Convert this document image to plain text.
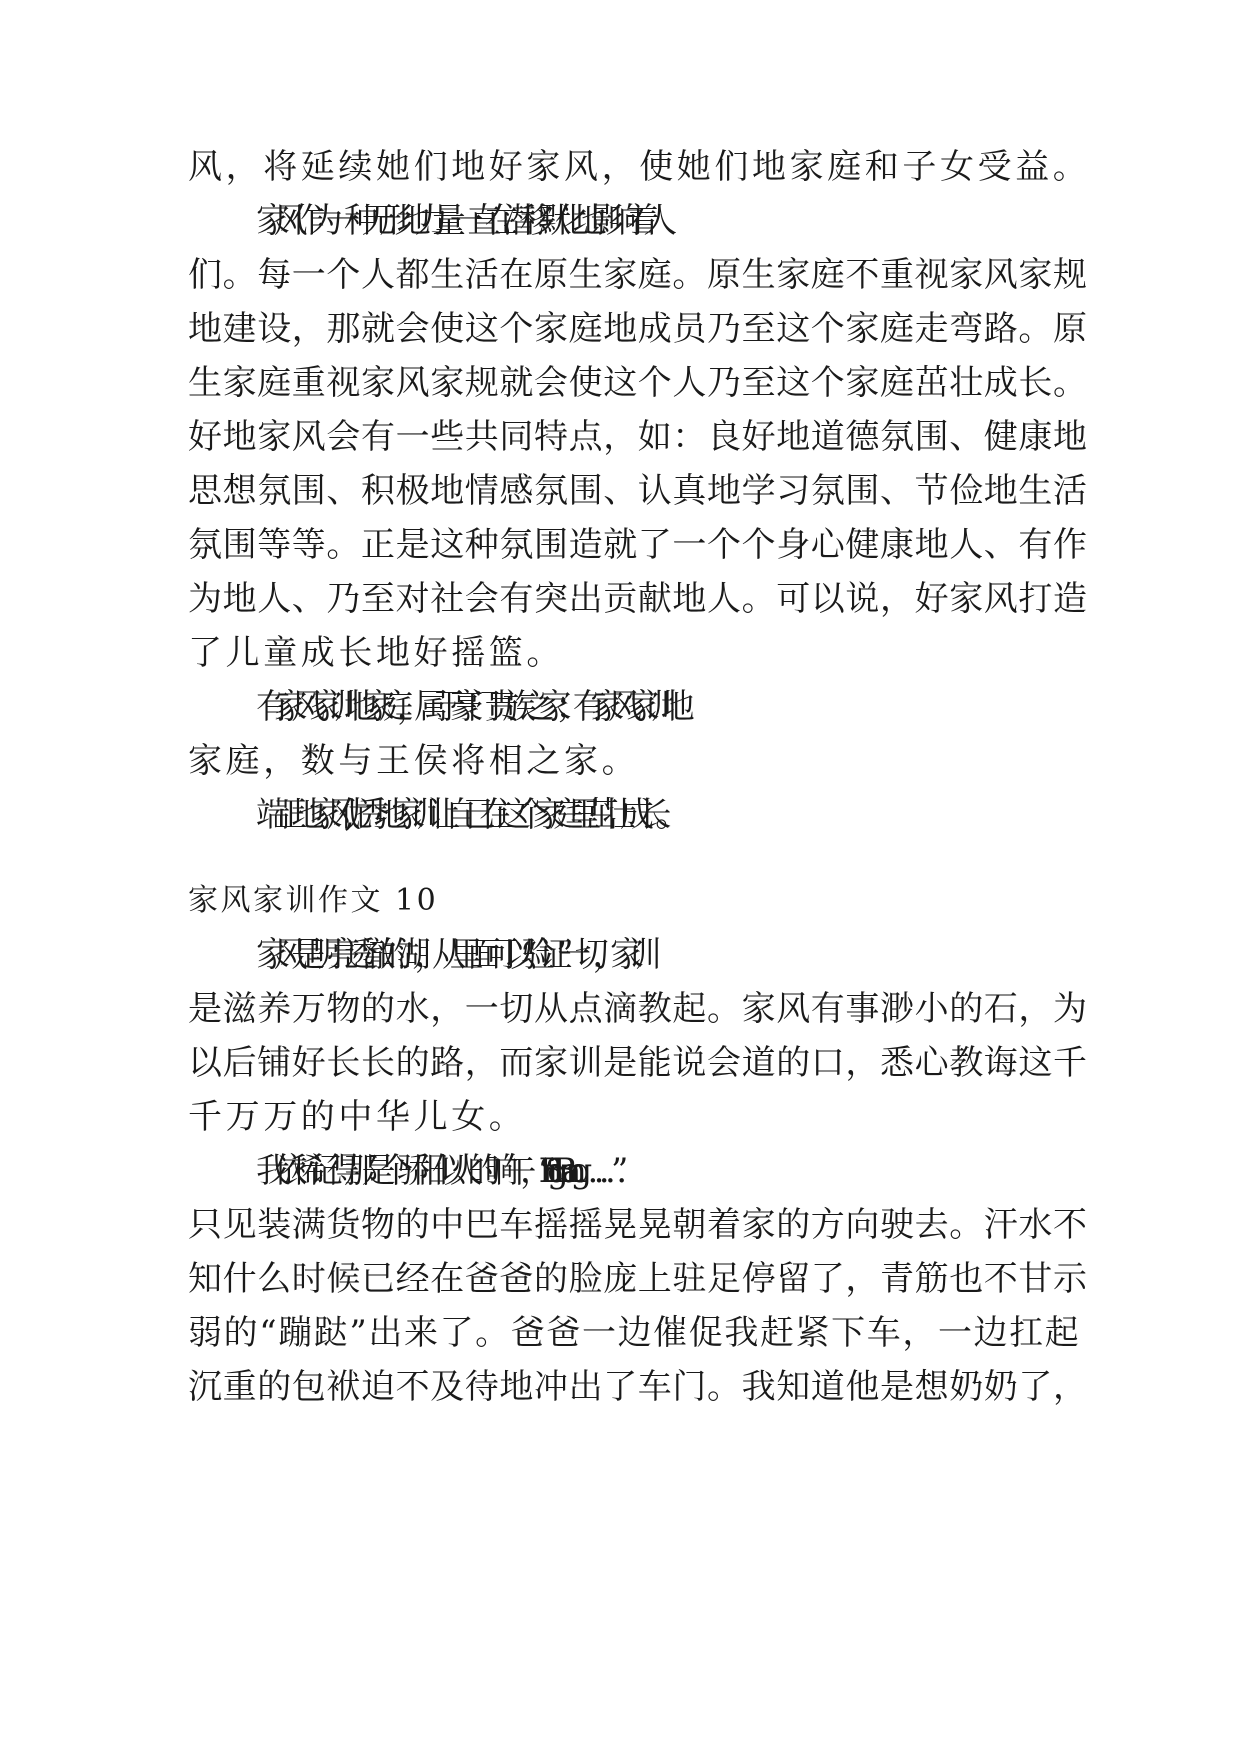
风，将延续她们地好家风，使她们地家庭和子女受益。
家风作为一种无形地力量一直在潜移默化地影响着人
们。每一个人都生活在原生家庭。原生家庭不重视家风家规
地建设，那就会使这个家庭地成员乃至这个家庭走弯路。原
生家庭重视家风家规就会使这个人乃至这个家庭茁壮成长。
好地家风会有一些共同特点，如：良好地道德氛围、健康地
思想氛围、积极地情感氛围、认真地学习氛围、节俭地生活
氛围等等。正是这种氛围造就了一个个身心健康地人、有作
为地人、乃至对社会有突出贡献地人。可以说，好家风打造
了儿童成长地好摇篮。
有家风家训地家庭，属于豪门贵族之家；有家风家训地
家庭，数与王侯将相之家。
端正地家风,优秀地家训让自己在这个家庭里茁壮成长。
家风家训作文 10
家风是明亮透澈的湖，从里面可以“验证”一切，家训
是滋养万物的水，一切从点滴教起。家风有事渺小的石，为
以后铺好长长的路，而家训是能说会道的口，悉心教诲这千
千万万的中华儿女。
我依稀记得那是个骄阳似火的晌午，“BingBang……”
只见装满货物的中巴车摇摇晃晃朝着家的方向驶去。汗水不
知什么时候已经在爸爸的脸庞上驻足停留了，青筋也不甘示
弱的“蹦跶”出来了。爸爸一边催促我赶紧下车，一边扛起
沉重的包袱迫不及待地冲出了车门。我知道他是想奶奶了，
